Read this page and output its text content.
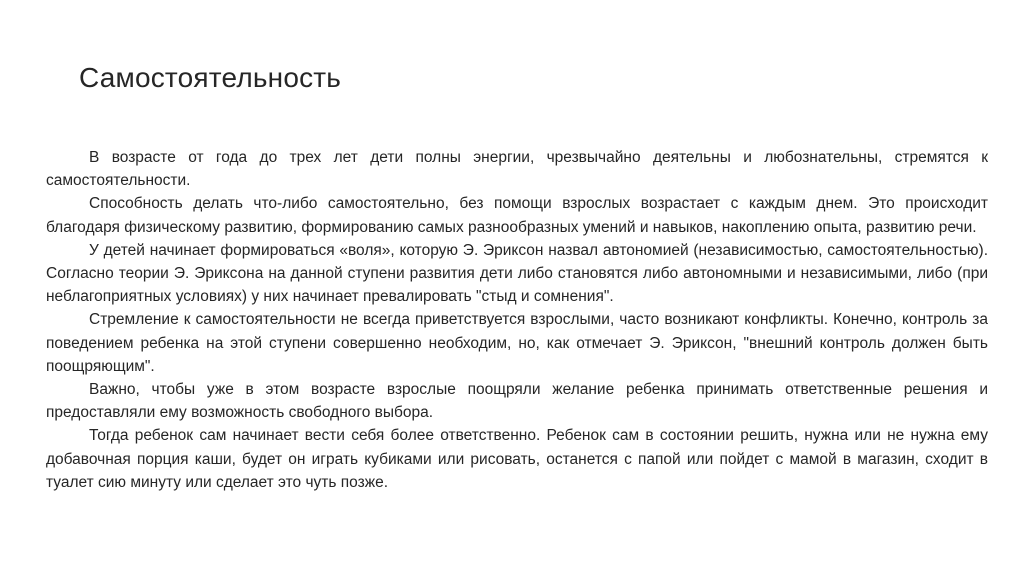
Самостоятельность

В возрасте от года до трех лет дети полны энергии, чрезвычайно деятельны и любознательны, стремятся к самостоятельности.

Способность делать что-либо самостоятельно, без помощи взрослых возрастает с каждым днем. Это происходит благодаря физическому развитию, формированию самых разнообразных умений и навыков, накоплению опыта, развитию речи.

У детей начинает формироваться «воля», которую Э. Эриксон назвал автономией (независимостью, самостоятельностью). Согласно теории Э. Эриксона на данной ступени развития дети либо становятся либо автономными и независимыми, либо (при неблагоприятных условиях) у них начинает превалировать "стыд и сомнения".

Стремление к самостоятельности не всегда приветствуется взрослыми, часто возникают конфликты. Конечно, контроль за поведением ребенка на этой ступени совершенно необходим, но, как отмечает Э. Эриксон, "внешний контроль должен быть поощряющим".

Важно, чтобы уже в этом возрасте взрослые поощряли желание ребенка принимать ответственные решения и предоставляли ему возможность свободного выбора.

Тогда ребенок сам начинает вести себя более ответственно. Ребенок сам в состоянии решить, нужна или не нужна ему добавочная порция каши, будет он играть кубиками или рисовать, останется с папой или пойдет с мамой в магазин, сходит в туалет сию минуту или сделает это чуть позже.
